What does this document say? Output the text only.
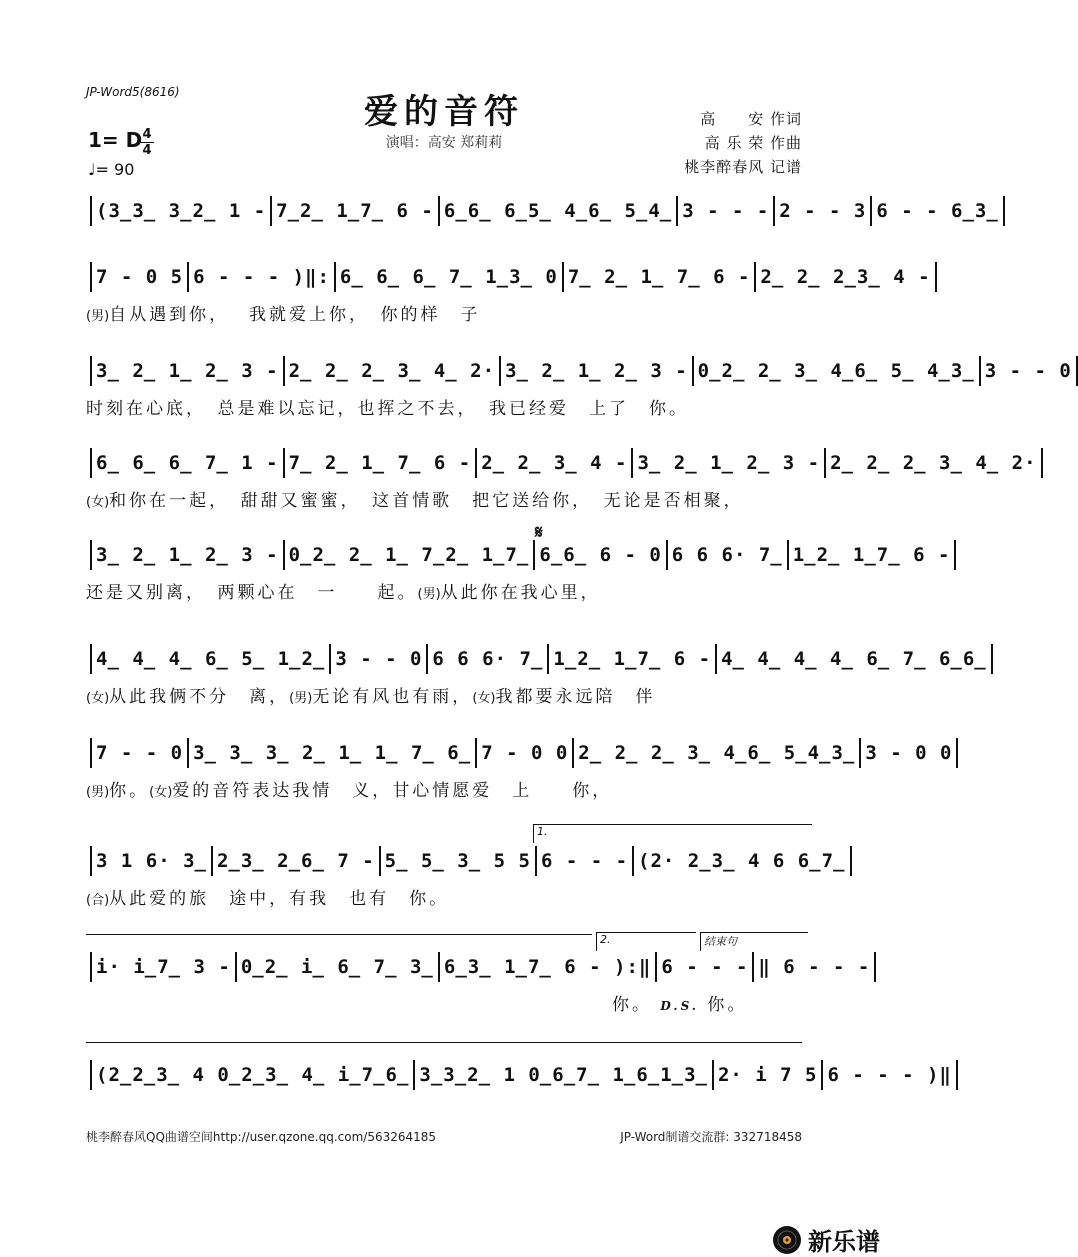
JP-Word5(8616)	爱的音符
演唱：高安 郑莉莉
高　　安 作词
高 乐 荣 作曲
桃李醉春风 记谱
1= D 4
4
♩= 90
(3̲3̲ 3̲2̲ 1 - 7̲2̲ 1̲7̲ 6 - 6̲6̲ 6̲5̲ 4̲6̲ 5̲4̲ 3 - - - 2 - - 3 6 - - 6̲3̲
7 - 0 5 6 - - - )‖: 6̲ 6̲ 6̲ 7̲ 1̲3̲ 0 7̲ 2̲ 1̲ 7̲ 6 - 2̲ 2̲ 2̲3̲ 4 -
(男)自从遇到你，　 我就爱上你，　你的样　子
3̲ 2̲ 1̲ 2̲ 3 - 2̲ 2̲ 2̲ 3̲ 4̲ 2· 3̲ 2̲ 1̲ 2̲ 3 - 0̲2̲ 2̲ 3̲ 4̲6̲ 5̲ 4̲3̲ 3 - - 0
时刻在心底，　总是难以忘记，也挥之不去，　我已经爱　上了　你。
6̲ 6̲ 6̲ 7̲ 1 - 7̲ 2̲ 1̲ 7̲ 6 - 2̲ 2̲ 3̲ 4 - 3̲ 2̲ 1̲ 2̲ 3 - 2̲ 2̲ 2̲ 3̲ 4̲ 2·
(女)和你在一起，　甜甜又蜜蜜，　这首情歌　把它送给你，　无论是否相聚，
3̲ 2̲ 1̲ 2̲ 3 - 0̲2̲ 2̲ 1̲ 7̲2̲ 1̲7̲ 6̲6̲ 6 - 0 6 6 6· 7̲ 1̲2̲ 1̲7̲ 6 -
还是又别离，　两颗心在　一　　起。(男)从此你在我心里，
4̲ 4̲ 4̲ 6̲ 5̲ 1̲2̲ 3 - - 0 6 6 6· 7̲ 1̲2̲ 1̲7̲ 6 - 4̲ 4̲ 4̲ 4̲ 6̲ 7̲ 6̲6̲
(女)从此我俩不分　离，(男)无论有风也有雨，(女)我都要永远陪　伴
7 - - 0 3̲ 3̲ 3̲ 2̲ 1̲ 1̲ 7̲ 6̲ 7 - 0 0 2̲ 2̲ 2̲ 3̲ 4̲6̲ 5̲4̲3̲ 3 - 0 0
(男)你。(女)爱的音符表达我情　义，甘心情愿爱　上　　你，
3 1 6· 3̲ 2̲3̲ 2̲6̲ 7 - 5̲ 5̲ 3̲ 5 5 6 - - - (2· 2̲3̲ 4 6 6̲7̲
(合)从此爱的旅　途中，有我　也有　你。
1.
i· i̲7̲ 3 - 0̲2̲ i̲ 6̲ 7̲ 3̲ 6̲3̲ 1̲7̲ 6 - ):‖ 6 - - - ‖ 6 - - -
你。 D.S. 你。
2.	结束句
(2̲2̲3̲ 4 0̲2̲3̲ 4̲ i̲7̲6̲ 3̲3̲2̲ 1 0̲6̲7̲ 1̲6̲1̲3̲ 2· i 7 5 6 - - - )‖
𝄋
桃李醉春风QQ曲谱空间http://user.qzone.qq.com/563264185	JP-Word制谱交流群: 332718458
新乐谱
